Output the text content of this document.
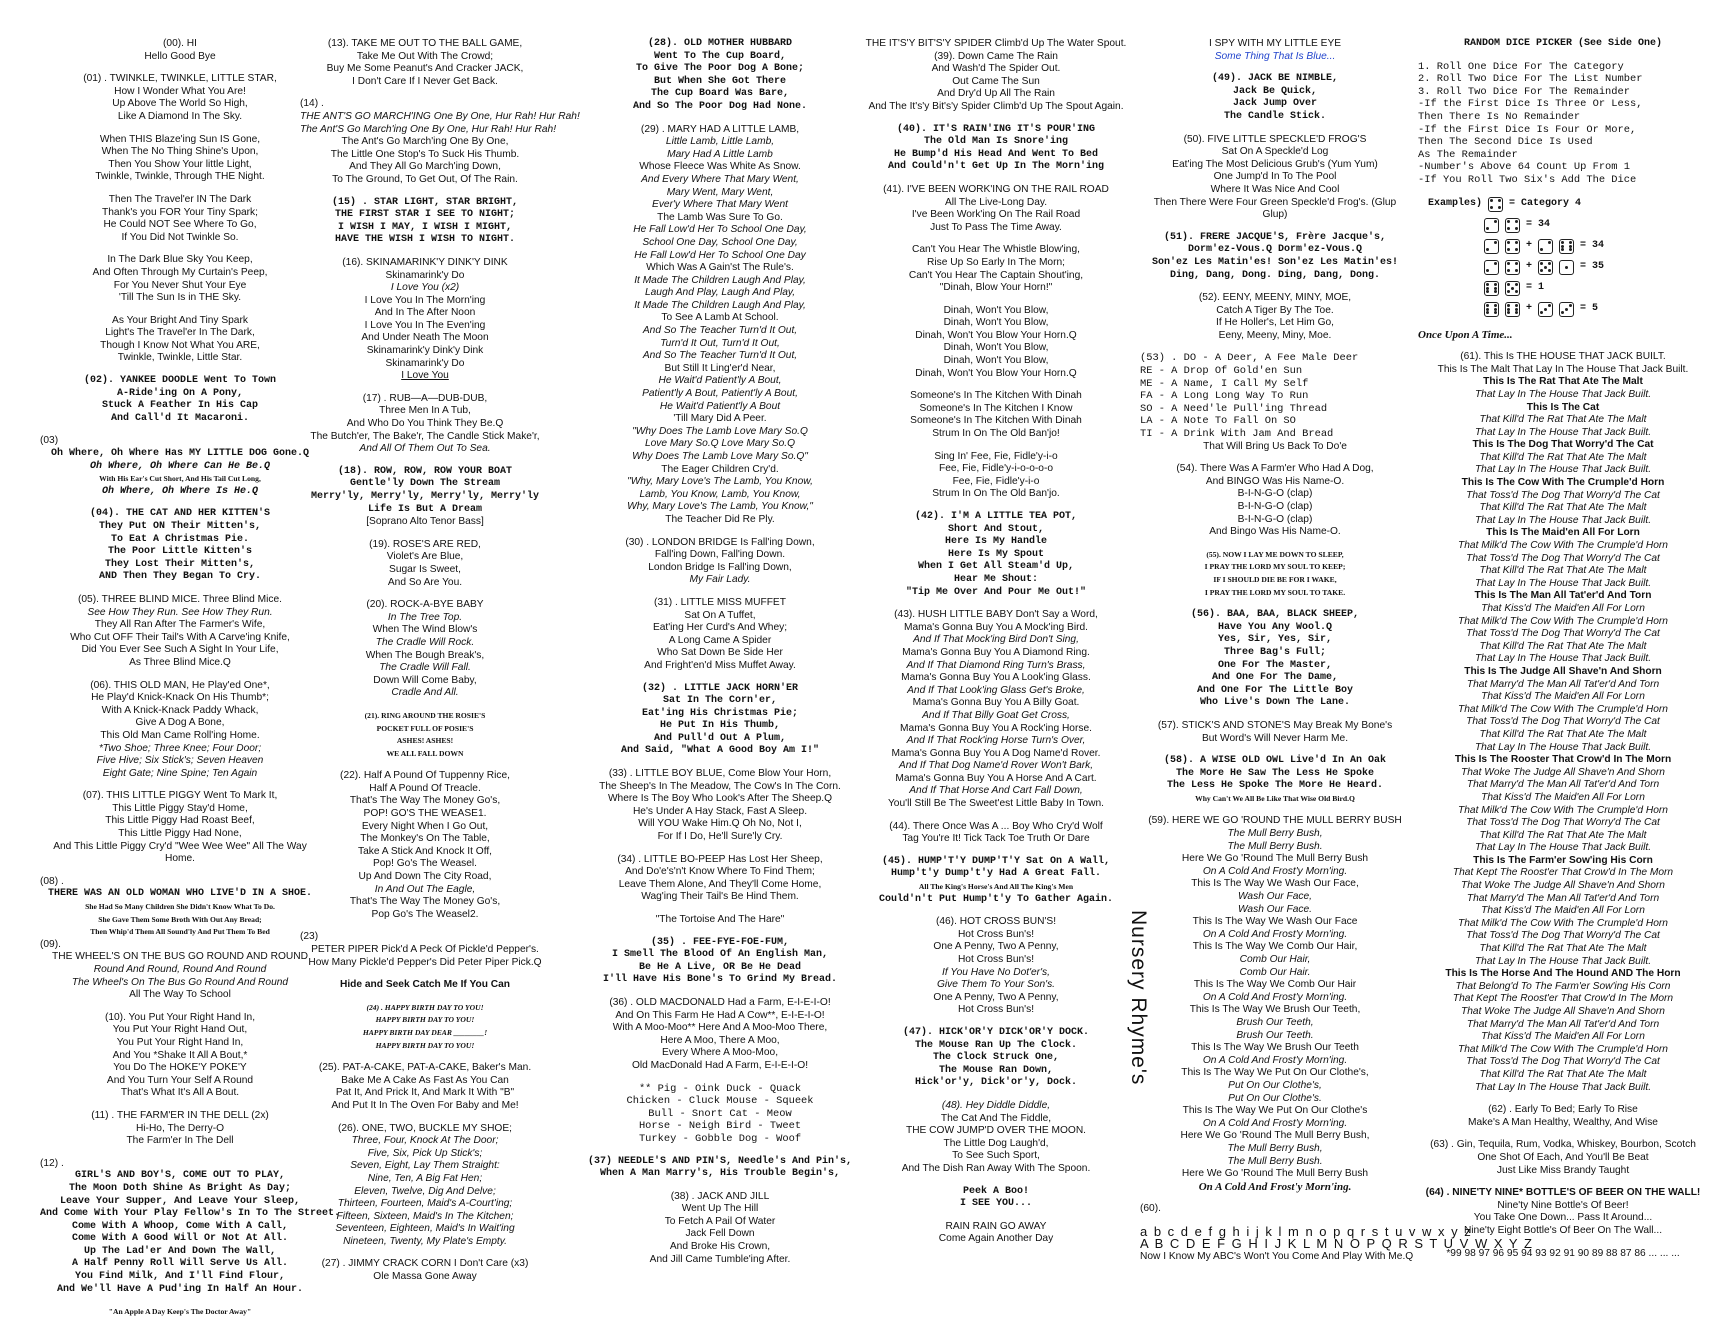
(00). HI
Hello Good Bye
(01) . TWINKLE, TWINKLE, LITTLE STAR,
How I Wonder What You Are!
Up Above The World So High,
Like A Diamond In The Sky.
When THIS Blaze'ing Sun IS Gone,
When The No Thing Shine's Upon,
Then You Show Your little Light,
Twinkle, Twinkle, Through THE Night.
Then The Travel'er IN The Dark
Thank's you FOR Your Tiny Spark;
He Could NOT See Where To Go,
If You Did Not Twinkle So.
In The Dark Blue Sky You Keep,
And Often Through My Curtain's Peep,
For You Never Shut Your Eye
'Till The Sun Is in THE Sky.
As Your Bright And Tiny Spark
Light's The Travel'er In The Dark,
Though I Know Not What You ARE,
Twinkle, Twinkle, Little Star.
(02). YANKEE DOODLE Went To Town
A-Ride'ing On A Pony,
Stuck A Feather In His Cap
And Call'd It Macaroni.
(03)
Oh Where, Oh Where Has MY LITTLE DOG Gone.Q
Oh Where, Oh Where Can He Be.Q
With His Ear's Cut Short, And His Tail Cut Long,
Oh Where, Oh Where Is He.Q
(04). THE CAT AND HER KITTEN'S
They Put ON Their Mitten's,
To Eat A Christmas Pie.
The Poor Little Kitten's
They Lost Their Mitten's,
AND Then They Began To Cry.
(05). THREE BLIND MICE. Three Blind Mice.
See How They Run. See How They Run.
They All Ran After The Farmer's Wife,
Who Cut OFF Their Tail's With A Carve'ing Knife,
Did You Ever See Such A Sight In Your Life,
As Three Blind Mice.Q
(06). THIS OLD MAN, He Play'ed One*,
He Play'd Knick-Knack On His Thumb*;
With A Knick-Knack Paddy Whack,
Give A Dog A Bone,
This Old Man Came Roll'ing Home.
*Two Shoe; Three Knee; Four Door;
Five Hive; Six Stick's; Seven Heaven
Eight Gate; Nine Spine; Ten Again
(07). THIS LITTLE PIGGY Went To Mark It,
This Little Piggy Stay'd Home,
This Little Piggy Had Roast Beef,
This Little Piggy Had None,
And This Little Piggy Cry'd "Wee Wee Wee" All The Way
Home.
(08) .
THERE WAS AN OLD WOMAN WHO LIVE'D IN A SHOE.
She Had So Many Children She Didn't Know What To Do.
She Gave Them Some Broth With Out Any Bread;
Then Whip'd Them All Sound'ly And Put Them To Bed
(09).
THE WHEEL'S ON THE BUS GO ROUND AND ROUND
Round And Round, Round And Round
The Wheel's On The Bus Go Round And Round
All The Way To School
(10). You Put Your Right Hand In,
You Put Your Right Hand Out,
You Put Your Right Hand In,
And You *Shake It All A Bout,*
You Do The HOKE'Y POKE'Y
And You Turn Your Self A Round
That's What It's All A Bout.
(11) . THE FARM'ER IN THE DELL (2x)
Hi-Ho, The Derry-O
The Farm'er In The Dell
(12) .
GIRL'S AND BOY'S, COME OUT TO PLAY,
The Moon Doth Shine As Bright As Day;
Leave Your Supper, And Leave Your Sleep,
And Come With Your Play Fellow's In To The Street.
Come With A Whoop, Come With A Call,
Come With A Good Will Or Not At All.
Up The Lad'er And Down The Wall,
A Half Penny Roll Will Serve Us All.
You Find Milk, And I'll Find Flour,
And We'll Have A Pud'ing In Half An Hour.
"An Apple A Day Keep's The Doctor Away"
(13). TAKE ME OUT TO THE BALL GAME,
Take Me Out With The Crowd;
Buy Me Some Peanut's And Cracker JACK,
I Don't Care If I Never Get Back.
(14) .
THE ANT'S GO MARCH'ING One By One, Hur Rah! Hur Rah!
The Ant'S Go March'ing One By One, Hur Rah! Hur Rah!
The Ant's Go March'ing One By One,
The Little One Stop's To Suck His Thumb.
And They All Go March'ing Down,
To The Ground, To Get Out, Of The Rain.
(15) . STAR LIGHT, STAR BRIGHT,
THE FIRST STAR I SEE TO NIGHT;
I WISH I MAY, I WISH I MIGHT,
HAVE THE WISH I WISH TO NIGHT.
(16). SKINAMARINK'Y DINK'Y DINK
Skinamarink'y Do
I Love You (x2)
I Love You In The Morn'ing
And In The After Noon
I Love You In The Even'ing
And Under Neath The Moon
Skinamarink'y Dink'y Dink
Skinamarink'y Do
I Love You
(17) . RUB—A—DUB-DUB,
Three Men In A Tub,
And Who Do You Think They Be.Q
The Butch'er, The Bake'r, The Candle Stick Make'r,
And All Of Them Out To Sea.
(18). ROW, ROW, ROW YOUR BOAT
Gentle'ly Down The Stream
Merry'ly, Merry'ly, Merry'ly, Merry'ly
Life Is But A Dream
[Soprano Alto Tenor Bass]
(19). ROSE'S ARE RED,
Violet's Are Blue,
Sugar Is Sweet,
And So Are You.
(20). ROCK-A-BYE BABY
In The Tree Top.
When The Wind Blow's
The Cradle Will Rock.
When The Bough Break's,
The Cradle Will Fall.
Down Will Come Baby,
Cradle And All.
(21). RING AROUND THE ROSIE'S
POCKET FULL OF POSIE'S
ASHES! ASHES!
WE ALL FALL DOWN
(22). Half A Pound Of Tuppenny Rice,
Half A Pound Of Treacle.
That's The Way The Money Go's,
POP! GO'S THE WEASE1.
Every Night When I Go Out,
The Monkey's On The Table,
Take A Stick And Knock It Off,
Pop! Go's The Weasel.
Up And Down The City Road,
In And Out The Eagle,
That's The Way The Money Go's,
Pop Go's The Weasel2.
(23)
PETER PIPER Pick'd A Peck Of Pickle'd Pepper's.
How Many Pickle'd Pepper's Did Peter Piper Pick.Q
Hide and Seek Catch Me If You Can
(24) . HAPPY BIRTH DAY TO YOU!
HAPPY BIRTH DAY TO YOU!
HAPPY BIRTH DAY DEAR ________!
HAPPY BIRTH DAY TO YOU!
(25). PAT-A-CAKE, PAT-A-CAKE, Baker's Man.
Bake Me A Cake As Fast As You Can
Pat It, And Prick It, And Mark It With "B"
And Put It In The Oven For Baby and Me!
(26). ONE, TWO, BUCKLE MY SHOE;
Three, Four, Knock At The Door;
Five, Six, Pick Up Stick's;
Seven, Eight, Lay Them Straight:
Nine, Ten, A Big Fat Hen;
Eleven, Twelve, Dig And Delve;
Thirteen, Fourteen, Maid's A-Court'ing;
Fifteen, Sixteen, Maid's In The Kitchen;
Seventeen, Eighteen, Maid's In Wait'ing
Nineteen, Twenty, My Plate's Empty.
(27) . JIMMY CRACK CORN I Don't Care (x3)
Ole Massa Gone Away
(28). OLD MOTHER HUBBARD
Went To The Cup Board,
To Give The Poor Dog A Bone;
But When She Got There
The Cup Board Was Bare,
And So The Poor Dog Had None.
(29) . MARY HAD A LITTLE LAMB,
Little Lamb, Little Lamb,
Mary Had A Little Lamb
Whose Fleece Was White As Snow.
And Every Where That Mary Went,
Mary Went, Mary Went,
Ever'y Where That Mary Went
The Lamb Was Sure To Go.
He Fall Low'd Her To School One Day,
School One Day, School One Day,
He Fall Low'd Her To School One Day
Which Was A Gain'st The Rule's.
It Made The Children Laugh And Play,
Laugh And Play, Laugh And Play,
It Made The Children Laugh And Play,
To See A Lamb At School.
And So The Teacher Turn'd It Out,
Turn'd It Out, Turn'd It Out,
And So The Teacher Turn'd It Out,
But Still It Ling'er'd Near,
He Wait'd Patient'ly A Bout,
Patient'ly A Bout, Patient'ly A Bout,
He Wait'd Patient'ly A Bout
'Till Mary Did A Peer.
"Why Does The Lamb Love Mary So.Q
Love Mary So.Q Love Mary So.Q
Why Does The Lamb Love Mary So.Q"
The Eager Children Cry'd.
"Why, Mary Love's The Lamb, You Know,
Lamb, You Know, Lamb, You Know,
Why, Mary Love's The Lamb, You Know,"
The Teacher Did Re Ply.
(30) . LONDON BRIDGE Is Fall'ing Down,
Fall'ing Down, Fall'ing Down.
London Bridge Is Fall'ing Down,
My Fair Lady.
(31) . LITTLE MISS MUFFET
Sat On A Tuffet,
Eat'ing Her Curd's And Whey;
A Long Came A Spider
Who Sat Down Be Side Her
And Fright'en'd Miss Muffet Away.
(32) . LITTLE JACK HORN'ER
Sat In The Corn'er,
Eat'ing His Christmas Pie;
He Put In His Thumb,
And Pull'd Out A Plum,
And Said, "What A Good Boy Am I!"
(33) . LITTLE BOY BLUE, Come Blow Your Horn,
The Sheep's In The Meadow, The Cow's In The Corn.
Where Is The Boy Who Look's After The Sheep.Q
He's Under A Hay Stack, Fast A Sleep.
Will YOU Wake Him.Q Oh No, Not I,
For If I Do, He'll Sure'ly Cry.
(34) . LITTLE BO-PEEP Has Lost Her Sheep,
And Do'e's'n't Know Where To Find Them;
Leave Them Alone, And They'll Come Home,
Wag'ing Their Tail's Be Hind Them.
"The Tortoise And The Hare"
(35) . FEE-FYE-FOE-FUM,
I Smell The Blood Of An English Man,
Be He A Live, OR Be He Dead
I'll Have His Bone's To Grind My Bread.
(36) . OLD MACDONALD Had a Farm, E-I-E-I-O!
And On This Farm He Had A Cow**, E-I-E-I-O!
With A Moo-Moo** Here And A Moo-Moo There,
Here A Moo, There A Moo,
Every Where A Moo-Moo,
Old MacDonald Had A Farm, E-I-E-I-O!
** Pig - Oink Duck - Quack
Chicken - Cluck Mouse - Squeek
Bull - Snort Cat - Meow
Horse - Neigh Bird - Tweet
Turkey - Gobble Dog - Woof
(37) NEEDLE'S AND PIN'S, Needle's And Pin's,
When A Man Marry's, His Trouble Begin's,
(38) . JACK AND JILL
Went Up The Hill
To Fetch A Pail Of Water
Jack Fell Down
And Broke His Crown,
And Jill Came Tumble'ing After.
THE IT'S'Y BIT'S'Y SPIDER Climb'd Up The Water Spout.
(39). Down Came The Rain
And Wash'd The Spider Out.
Out Came The Sun
And Dry'd Up All The Rain
And The It's'y Bit's'y Spider Climb'd Up The Spout Again.
(40). IT'S RAIN'ING IT'S POUR'ING
The Old Man Is Snore'ing
He Bump'd His Head And Went To Bed
And Could'n't Get Up In The Morn'ing
(41). I'VE BEEN WORK'ING ON THE RAIL ROAD
All The Live-Long Day.
I've Been Work'ing On The Rail Road
Just To Pass The Time Away.
Can't You Hear The Whistle Blow'ing,
Rise Up So Early In The Morn;
Can't You Hear The Captain Shout'ing,
"Dinah, Blow Your Horn!"
Dinah, Won't You Blow,
Dinah, Won't You Blow,
Dinah, Won't You Blow Your Horn.Q
Dinah, Won't You Blow,
Dinah, Won't You Blow,
Dinah, Won't You Blow Your Horn.Q
Someone's In The Kitchen With Dinah
Someone's In The Kitchen I Know
Someone's In The Kitchen With Dinah
Strum In On The Old Ban'jo!
Sing In' Fee, Fie, Fidle'y-i-o
Fee, Fie, Fidle'y-i-o-o-o-o
Fee, Fie, Fidle'y-i-o
Strum In On The Old Ban'jo.
(42). I'M A LITTLE TEA POT,
Short And Stout,
Here Is My Handle
Here Is My Spout
When I Get All Steam'd Up,
Hear Me Shout:
"Tip Me Over And Pour Me Out!"
(43). HUSH LITTLE BABY Don't Say a Word,
Mama's Gonna Buy You A Mock'ing Bird.
And If That Mock'ing Bird Don't Sing,
Mama's Gonna Buy You A Diamond Ring.
And If That Diamond Ring Turn's Brass,
Mama's Gonna Buy You A Look'ing Glass.
And If That Look'ing Glass Get's Broke,
Mama's Gonna Buy You A Billy Goat.
And If That Billy Goat Get Cross,
Mama's Gonna Buy You A Rock'ing Horse.
And If That Rock'ing Horse Turn's Over,
Mama's Gonna Buy You A Dog Name'd Rover.
And If That Dog Name'd Rover Won't Bark,
Mama's Gonna Buy You A Horse And A Cart.
And If That Horse And Cart Fall Down,
You'll Still Be The Sweet'est Little Baby In Town.
(44). There Once Was A ... Boy Who Cry'd Wolf
Tag You're It! Tick Tack Toe Truth Or Dare
(45). HUMP'T'Y DUMP'T'Y Sat On A Wall,
Hump't'y Dump't'y Had A Great Fall.
All The King's Horse's And All The King's Men
Could'n't Put Hump't'y To Gather Again.
(46). HOT CROSS BUN'S!
Hot Cross Bun's!
One A Penny, Two A Penny,
Hot Cross Bun's!
If You Have No Dot'er's,
Give Them To Your Son's.
One A Penny, Two A Penny,
Hot Cross Bun's!
(47). HICK'OR'Y DICK'OR'Y DOCK.
The Mouse Ran Up The Clock.
The Clock Struck One,
The Mouse Ran Down,
Hick'or'y, Dick'or'y, Dock.
(48). Hey Diddle Diddle,
The Cat And The Fiddle,
THE COW JUMP'D OVER THE MOON.
The Little Dog Laugh'd,
To See Such Sport,
And The Dish Ran Away With The Spoon.
Peek A Boo!
I SEE YOU...
RAIN RAIN GO AWAY
Come Again Another Day
I SPY WITH MY LITTLE EYE
Some Thing That Is Blue...
(49). JACK BE NIMBLE,
Jack Be Quick,
Jack Jump Over
The Candle Stick.
(50). FIVE LITTLE SPECKLE'D FROG'S
Sat On A Speckle'd Log
Eat'ing The Most Delicious Grub's (Yum Yum)
One Jump'd In To The Pool
Where It Was Nice And Cool
Then There Were Four Green Speckle'd Frog's. (Glup
Glup)
(51). FRERE JACQUE'S, Frère Jacque's,
Dorm'ez-Vous.Q Dorm'ez-Vous.Q
Son'ez Les Matin'es! Son'ez Les Matin'es!
Ding, Dang, Dong. Ding, Dang, Dong.
(52). EENY, MEENY, MINY, MOE,
Catch A Tiger By The Toe.
If He Holler's, Let Him Go,
Eeny, Meeny, Miny, Moe.
(53) . DO - A Deer, A Fee Male Deer
RE - A Drop Of Gold'en Sun
ME - A Name, I Call My Self
FA - A Long Long Way To Run
SO - A Need'le Pull'ing Thread
LA - A Note To Fall On SO
TI - A Drink With Jam And Bread
That Will Bring Us Back To Do'e
(54). There Was A Farm'er Who Had A Dog,
And BINGO Was His Name-O.
B-I-N-G-O (clap)
B-I-N-G-O (clap)
B-I-N-G-O (clap)
And Bingo Was His Name-O.
(55). NOW I LAY ME DOWN TO SLEEP,
I PRAY THE LORD MY SOUL TO KEEP;
IF I SHOULD DIE BE FOR I WAKE,
I PRAY THE LORD MY SOUL TO TAKE.
(56). BAA, BAA, BLACK SHEEP,
Have You Any Wool.Q
Yes, Sir, Yes, Sir,
Three Bag's Full;
One For The Master,
And One For The Dame,
And One For The Little Boy
Who Live's Down The Lane.
(57). STICK'S AND STONE'S May Break My Bone's
But Word's Will Never Harm Me.
(58). A WISE OLD OWL Live'd In An Oak
The More He Saw The Less He Spoke
The Less He Spoke The More He Heard.
Why Can't We All Be Like That Wise Old Bird.Q
(59). HERE WE GO 'ROUND THE MULL BERRY BUSH
The Mull Berry Bush,
The Mull Berry Bush.
Here We Go 'Round The Mull Berry Bush
On A Cold And Frost'y Morn'ing.
This Is The Way We Wash Our Face,
Wash Our Face,
Wash Our Face.
This Is The Way We Wash Our Face
On A Cold And Frost'y Morn'ing.
This Is The Way We Comb Our Hair,
Comb Our Hair,
Comb Our Hair.
This Is The Way We Comb Our Hair
On A Cold And Frost'y Morn'ing.
This Is The Way We Brush Our Teeth,
Brush Our Teeth,
Brush Our Teeth.
This Is The Way We Brush Our Teeth
On A Cold And Frost'y Morn'ing.
This Is The Way We Put On Our Clothe's,
Put On Our Clothe's,
Put On Our Clothe's.
This Is The Way We Put On Our Clothe's
On A Cold And Frost'y Morn'ing.
Here We Go 'Round The Mull Berry Bush,
The Mull Berry Bush,
The Mull Berry Bush.
Here We Go 'Round The Mull Berry Bush
On A Cold And Frost'y Morn'ing.
(60).
a b c d e f g h i j k l m n o p q r s t u v w x y z
A B C D E F G H I J K L M N O P Q R S T U V W X Y Z
Now I Know My ABC's Won't You Come And Play With Me.Q
RANDOM DICE PICKER (See Side One)
1. Roll One Dice For The Category
2. Roll Two Dice For The List Number
3. Roll Two Dice For The Remainder
-If the First Dice Is Three Or Less,
Then There Is No Remainder
-If the First Dice Is Four Or More,
Then The Second Dice Is Used
As The Remainder
-Number's Above 64 Count Up From 1
-If You Roll Two Six's Add The Dice
Examples)	= Category 4
= 34
+	= 34
+	= 35
= 1
+	= 5
Once Upon A Time...
(61). This Is THE HOUSE THAT JACK BUILT.
This Is The Malt That Lay In The House That Jack Built.
This Is The Rat That Ate The Malt
That Lay In The House That Jack Built.
This Is The Cat
That Kill'd The Rat That Ate The Malt
That Lay In The House That Jack Built.
This Is The Dog That Worry'd The Cat
That Kill'd The Rat That Ate The Malt
That Lay In The House That Jack Built.
This Is The Cow With The Crumple'd Horn
That Toss'd The Dog That Worry'd The Cat
That Kill'd The Rat That Ate The Malt
That Lay In The House That Jack Built.
This Is The Maid'en All For Lorn
That Milk'd The Cow With The Crumple'd Horn
That Toss'd The Dog That Worry'd The Cat
That Kill'd The Rat That Ate The Malt
That Lay In The House That Jack Built.
This Is The Man All Tat'er'd And Torn
That Kiss'd The Maid'en All For Lorn
That Milk'd The Cow With The Crumple'd Horn
That Toss'd The Dog That Worry'd The Cat
That Kill'd The Rat That Ate The Malt
That Lay In The House That Jack Built.
This Is The Judge All Shave'n And Shorn
That Marry'd The Man All Tat'er'd And Torn
That Kiss'd The Maid'en All For Lorn
That Milk'd The Cow With The Crumple'd Horn
That Toss'd The Dog That Worry'd The Cat
That Kill'd The Rat That Ate The Malt
That Lay In The House That Jack Built.
This Is The Rooster That Crow'd In The Morn
That Woke The Judge All Shave'n And Shorn
That Marry'd The Man All Tat'er'd And Torn
That Kiss'd The Maid'en All For Lorn
That Milk'd The Cow With The Crumple'd Horn
That Toss'd The Dog That Worry'd The Cat
That Kill'd The Rat That Ate The Malt
That Lay In The House That Jack Built.
This Is The Farm'er Sow'ing His Corn
That Kept The Roost'er That Crow'd In The Morn
That Woke The Judge All Shave'n And Shorn
That Marry'd The Man All Tat'er'd And Torn
That Kiss'd The Maid'en All For Lorn
That Milk'd The Cow With The Crumple'd Horn
That Toss'd The Dog That Worry'd The Cat
That Kill'd The Rat That Ate The Malt
That Lay In The House That Jack Built.
This Is The Horse And The Hound AND The Horn
That Belong'd To The Farm'er Sow'ing His Corn
That Kept The Roost'er That Crow'd In The Morn
That Woke The Judge All Shave'n And Shorn
That Marry'd The Man All Tat'er'd And Torn
That Kiss'd The Maid'en All For Lorn
That Milk'd The Cow With The Crumple'd Horn
That Toss'd The Dog That Worry'd The Cat
That Kill'd The Rat That Ate The Malt
That Lay In The House That Jack Built.
(62) . Early To Bed; Early To Rise
Make's A Man Healthy, Wealthy, And Wise
(63) . Gin, Tequila, Rum, Vodka, Whiskey, Bourbon, Scotch
One Shot Of Each, And You'll Be Beat
Just Like Miss Brandy Taught
(64) . NINE'TY NINE* BOTTLE'S OF BEER ON THE WALL!
Nine'ty Nine Bottle's Of Beer!
You Take One Down... Pass It Around...
Nine'ty Eight Bottle's Of Beer On The Wall...
*99 98 97 96 95 94 93 92 91 90 89 88 87 86 ... ... ...
Nursery Rhyme's
